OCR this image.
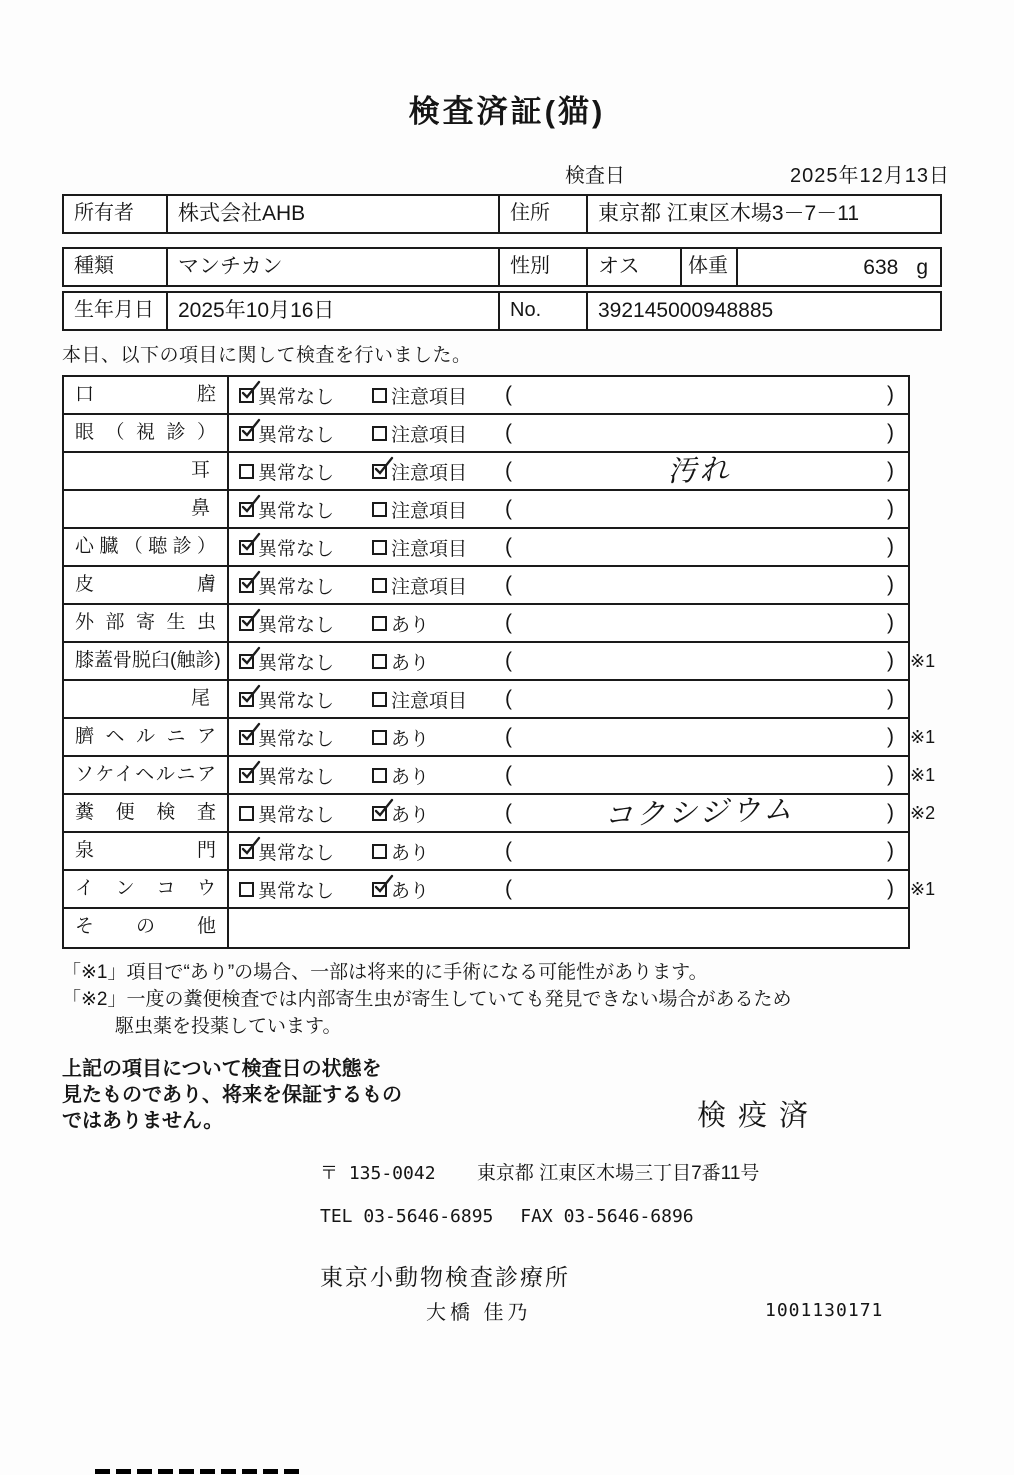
検査済証(猫)
検査日	2025年12月13日
所有者	株式会社AHB	住所	東京都 江東区木場3－7－11
種類	マンチカン	性別	オス	体重	638 g
生年月日	2025年10月16日	No.	392145000948885

本日、以下の項目に関して検査を行いました。

口腔	異常なし	注意項目 (	)
眼（視診）	異常なし	注意項目 (	)
耳	異常なし	注意項目 (	汚れ	)
鼻	異常なし	注意項目 (	)
心臓（聴診）	異常なし	注意項目 (	)
皮膚	異常なし	注意項目 (	)
外部寄生虫	異常なし	あり	(	)
膝蓋骨脱臼(触診)	異常なし	あり	(	) ※1
尾	異常なし	注意項目 (	)
臍ヘルニア	異常なし	あり	(	) ※1
ソケイヘルニア	異常なし	あり	(	) ※1
糞便検査	異常なし	あり	(	コクシジウム	) ※2
泉門	異常なし	あり	(	)
インコウ	異常なし	あり	(	) ※1
その他

「※1」項目で“あり”の場合、一部は将来的に手術になる可能性があります。

「※2」一度の糞便検査では内部寄生虫が寄生していても発見できない場合があるため

駆虫薬を投薬しています。

上記の項目について検査日の状態を
見たものであり、将来を保証するもの
ではありません。	検疫済
〒 135-0042 東京都 江東区木場三丁目7番11号
TEL 03-5646-6895 FAX 03-5646-6896
東京小動物検査診療所
大橋 佳乃	1001130171
